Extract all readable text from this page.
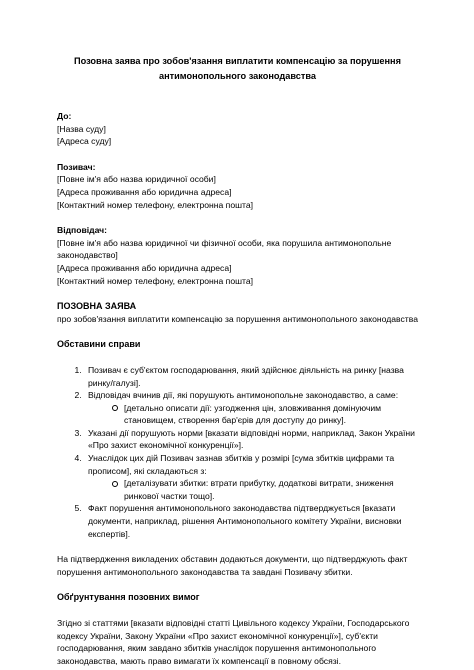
Позовна заява про зобов'язання виплатити компенсацію за порушення антимонопольного законодавства
До:
[Назва суду]
[Адреса суду]
Позивач:
[Повне ім'я або назва юридичної особи]
[Адреса проживання або юридична адреса]
[Контактний номер телефону, електронна пошта]
Відповідач:
[Повне ім'я або назва юридичної чи фізичної особи, яка порушила антимонопольне законодавство]
[Адреса проживання або юридична адреса]
[Контактний номер телефону, електронна пошта]
ПОЗОВНА ЗАЯВА
про зобов'язання виплатити компенсацію за порушення антимонопольного законодавства
Обставини справи
1. Позивач є суб'єктом господарювання, який здійснює діяльність на ринку [назва ринку/галузі].
2. Відповідач вчинив дії, які порушують антимонопольне законодавство, а саме:
[детально описати дії: узгодження цін, зловживання домінуючим становищем, створення бар'єрів для доступу до ринку].
3. Указані дії порушують норми [вказати відповідні норми, наприклад, Закон України «Про захист економічної конкуренції»].
4. Унаслідок цих дій Позивач зазнав збитків у розмірі [сума збитків цифрами та прописом], які складаються з:
[деталізувати збитки: втрати прибутку, додаткові витрати, зниження ринкової частки тощо].
5. Факт порушення антимонопольного законодавства підтверджується [вказати документи, наприклад, рішення Антимонопольного комітету України, висновки експертів].

На підтвердження викладених обставин додаються документи, що підтверджують факт порушення антимонопольного законодавства та завдані Позивачу збитки.

Обґрунтування позовних вимог

Згідно зі статтями [вказати відповідні статті Цивільного кодексу України, Господарського кодексу України, Закону України «Про захист економічної конкуренції»], суб'єкти господарювання, яким завдано збитків унаслідок порушення антимонопольного законодавства, мають право вимагати їх компенсації в повному обсязі.
